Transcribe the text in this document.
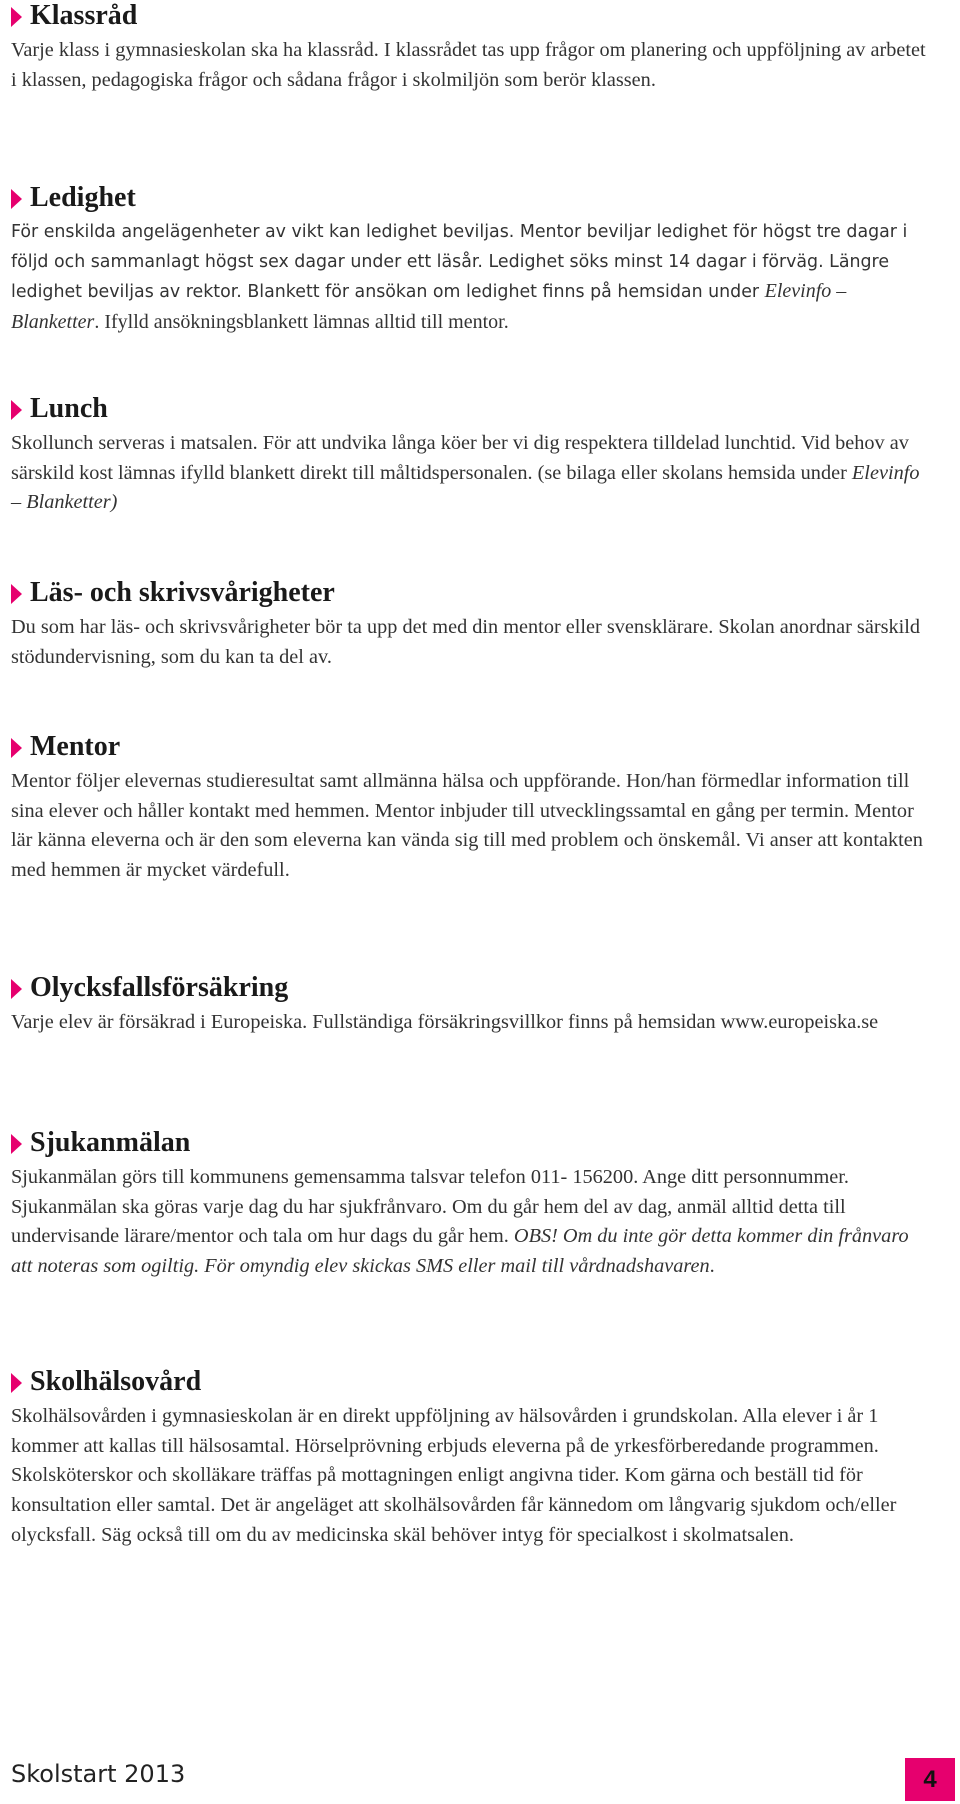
Klassråd

Varje klass i gymnasieskolan ska ha klassråd. I klassrådet tas upp frågor om planering och uppföljning av arbetet i klassen, pedagogiska frågor och sådana frågor i skolmiljön som berör klassen.

Ledighet

För enskilda angelägenheter av vikt kan ledighet beviljas. Mentor beviljar ledighet för högst tre dagar i följd och sammanlagt högst sex dagar under ett läsår. Ledighet söks minst 14 dagar i förväg. Längre ledighet beviljas av rektor. Blankett för ansökan om ledighet finns på hemsidan under Elevinfo – Blanketter. Ifylld ansökningsblankett lämnas alltid till mentor.

Lunch

Skollunch serveras i matsalen. För att undvika långa köer ber vi dig respektera tilldelad lunchtid. Vid behov av särskild kost lämnas ifylld blankett direkt till måltidspersonalen. (se bilaga eller skolans hemsida under Elevinfo – Blanketter)

Läs- och skrivsvårigheter

Du som har läs- och skrivsvårigheter bör ta upp det med din mentor eller svensklärare. Skolan anordnar särskild stödundervisning, som du kan ta del av.

Mentor

Mentor följer elevernas studieresultat samt allmänna hälsa och uppförande. Hon/han förmedlar information till sina elever och håller kontakt med hemmen. Mentor inbjuder till utvecklingssamtal en gång per termin. Mentor lär känna eleverna och är den som eleverna kan vända sig till med problem och önskemål. Vi anser att kontakten med hemmen är mycket värdefull.

Olycksfallsförsäkring

Varje elev är försäkrad i Europeiska. Fullständiga försäkringsvillkor finns på hemsidan www.europeiska.se

Sjukanmälan

Sjukanmälan görs till kommunens gemensamma talsvar telefon 011- 156200. Ange ditt personnummer. Sjukanmälan ska göras varje dag du har sjukfrånvaro. Om du går hem del av dag, anmäl alltid detta till undervisande lärare/mentor och tala om hur dags du går hem. OBS! Om du inte gör detta kommer din frånvaro att noteras som ogiltig. För omyndig elev skickas SMS eller mail till vårdnadshavaren.

Skolhälsovård

Skolhälsovården i gymnasieskolan är en direkt uppföljning av hälsovården i grundskolan. Alla elever i år 1 kommer att kallas till hälsosamtal. Hörselprövning erbjuds eleverna på de yrkesförberedande programmen. Skolsköterskor och skolläkare träffas på mottagningen enligt angivna tider. Kom gärna och beställ tid för konsultation eller samtal. Det är angeläget att skolhälsovården får kännedom om långvarig sjukdom och/eller olycksfall. Säg också till om du av medicinska skäl behöver intyg för specialkost i skolmatsalen.

Skolstart 2013	4
